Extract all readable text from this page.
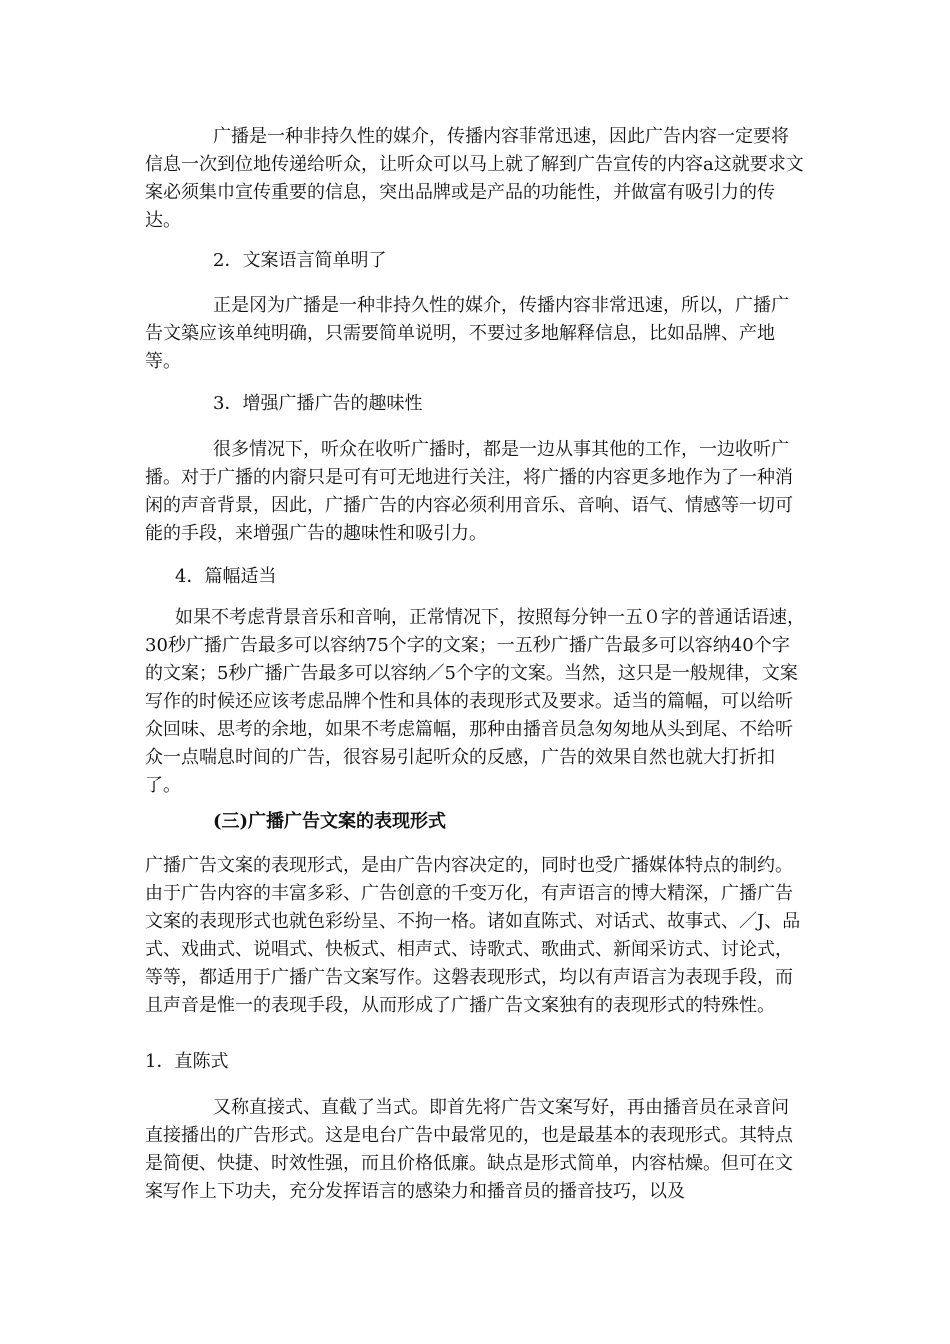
广播是一种非持久性的媒介，传播内容菲常迅速，因此广告内容一定要将信息一次到位地传递给听众，让听众可以马上就了解到广告宣传的内容a这就要求文案必须集巾宣传重要的信息，突出品牌或是产品的功能性，并做富有吸引力的传达。
2．文案语言简单明了
正是冈为广播是一种非持久性的媒介，传播内容非常迅速，所以，广播广告文築应该单纯明确，只需要简单说明，不要过多地解释信息，比如品牌、产地等。
3．增强广播广告的趣味性
很多情况下，听众在收听广播时，都是一边从事其他的工作，一边收听广播。对于广播的内窬只是可有可无地进行关注，将广播的内容更多地作为了一种消闲的声音背景，因此，广播广告的内容必须利用音乐、音响、语气、情感等一切可能的手段，来增强广告的趣味性和吸引力。
4．篇幅适当
如果不考虑背景音乐和音响，正常情况下，按照每分钟一五０字的普通话语速，30秒广播广告最多可以容纳75个字的文案；一五秒广播广告最多可以容纳40个字的文案；5秒广播广告最多可以容纳／5个字的文案。当然，这只是一般规律，文案写作的时候还应该考虑品牌个性和具体的表现形式及要求。适当的篇幅，可以给听众回味、思考的余地，如果不考虑篇幅，那种由播音员急匆匆地从头到尾、不给听众一点喘息时间的广告，很容易引起听众的反感，广告的效果自然也就大打折扣了。
(三)广播广告文案的表现形式
广播广告文案的表现形式，是由广告内容决定的，同时也受广播媒体特点的制约。由于广告内容的丰富多彩、广告创意的千变万化，有声语言的博大精深，广播广告文案的表现形式也就色彩纷呈、不拘一格。诸如直陈式、对话式、故事式、／J、品式、戏曲式、说唱式、快板式、相声式、诗歌式、歌曲式、新闻采访式、讨论式，等等，都适用于广播广告文案写作。这磐表现形式，均以有声语言为表现手段，而且声音是惟一的表现手段，从而形成了广播广告文案独有的表现形式的特殊性。
1．直陈式
又称直接式、直截了当式。即首先将广告文案写好，再由播音员在录音问直接播出的广告形式。这是电台广告中最常见的，也是最基本的表现形式。其特点是简便、快捷、时效性强，而且价格低廉。缺点是形式简单，内容枯燥。但可在文案写作上下功夫，充分发挥语言的感染力和播音员的播音技巧，以及
